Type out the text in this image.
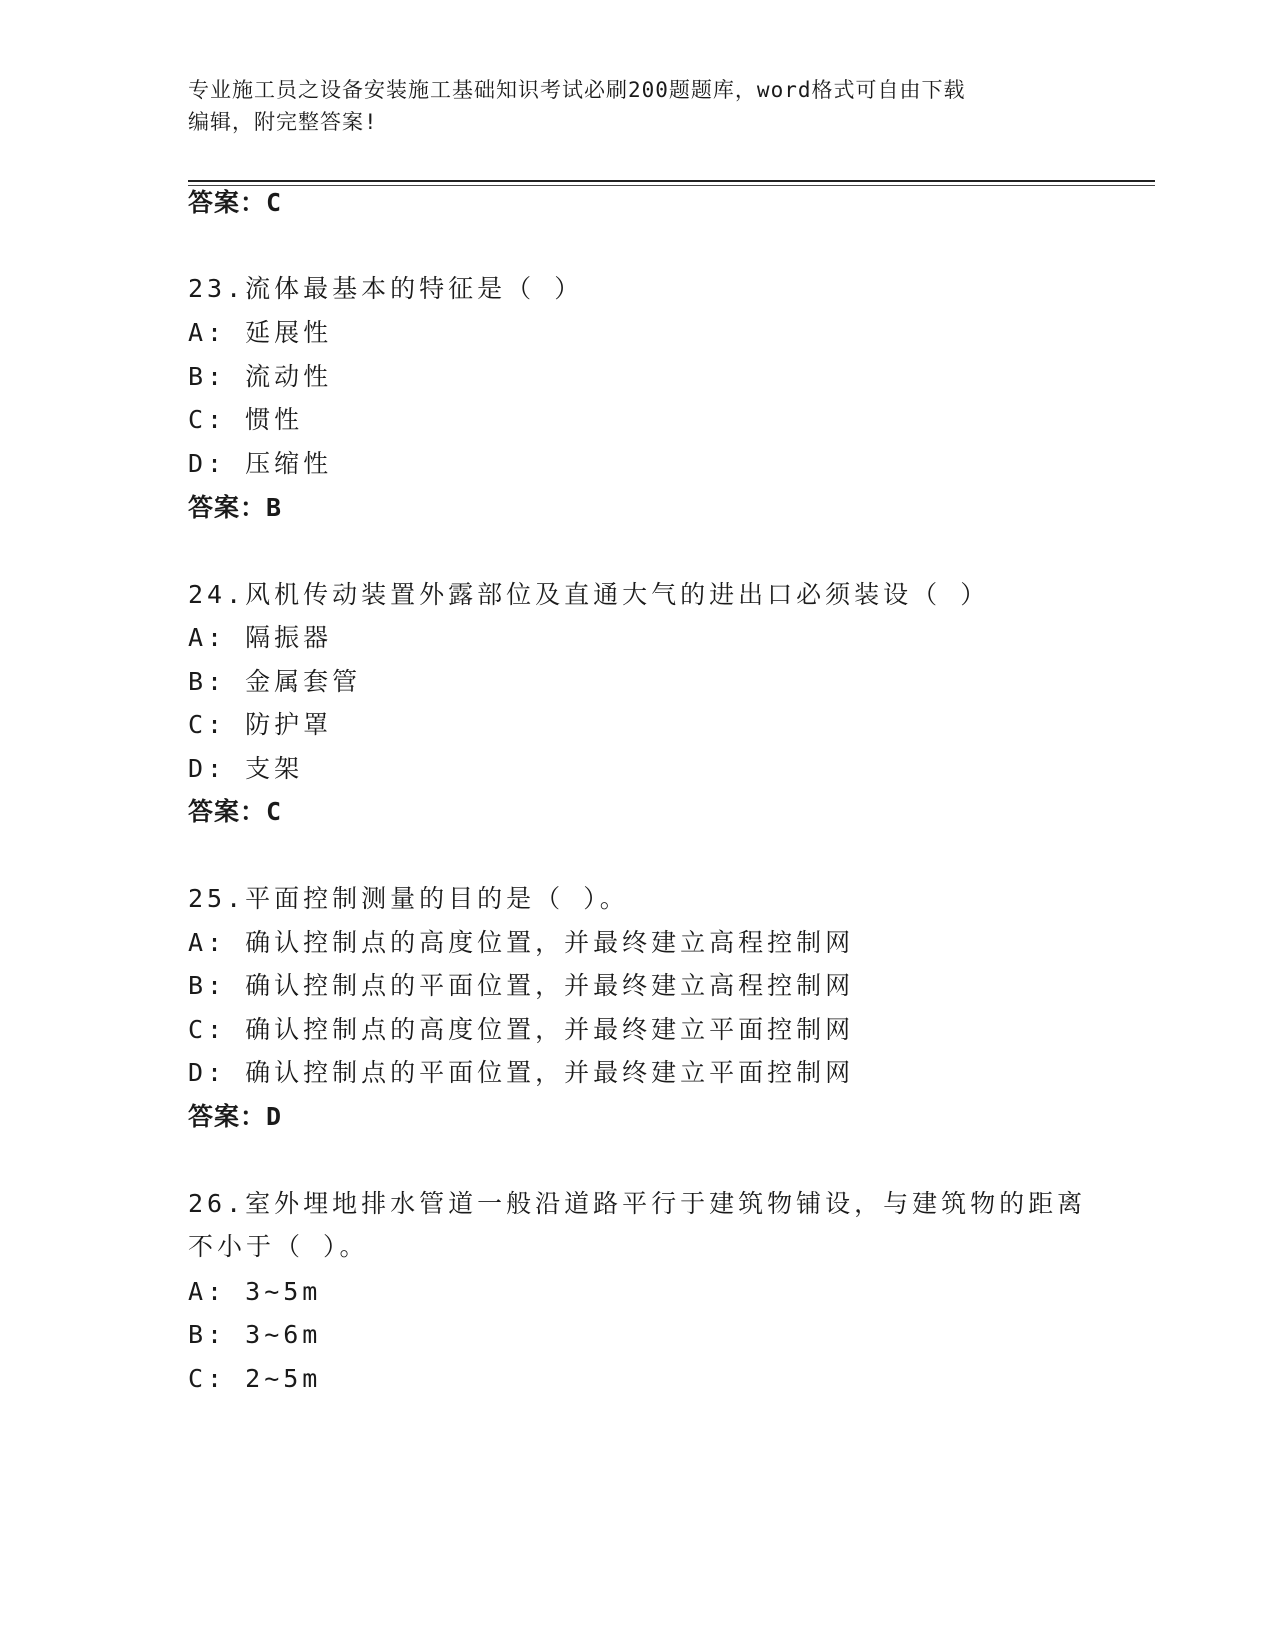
专业施工员之设备安装施工基础知识考试必刷200题题库，word格式可自由下载
编辑，附完整答案!
答案：C
23.流体最基本的特征是（ ）
A: 延展性
B: 流动性
C: 惯性
D: 压缩性
答案：B
24.风机传动装置外露部位及直通大气的进出口必须装设（ ）
A: 隔振器
B: 金属套管
C: 防护罩
D: 支架
答案：C
25.平面控制测量的目的是（ ）。
A: 确认控制点的高度位置，并最终建立高程控制网
B: 确认控制点的平面位置，并最终建立高程控制网
C: 确认控制点的高度位置，并最终建立平面控制网
D: 确认控制点的平面位置，并最终建立平面控制网
答案：D
26.室外埋地排水管道一般沿道路平行于建筑物铺设，与建筑物的距离
不小于（ ）。
A: 3~5m
B: 3~6m
C: 2~5m
